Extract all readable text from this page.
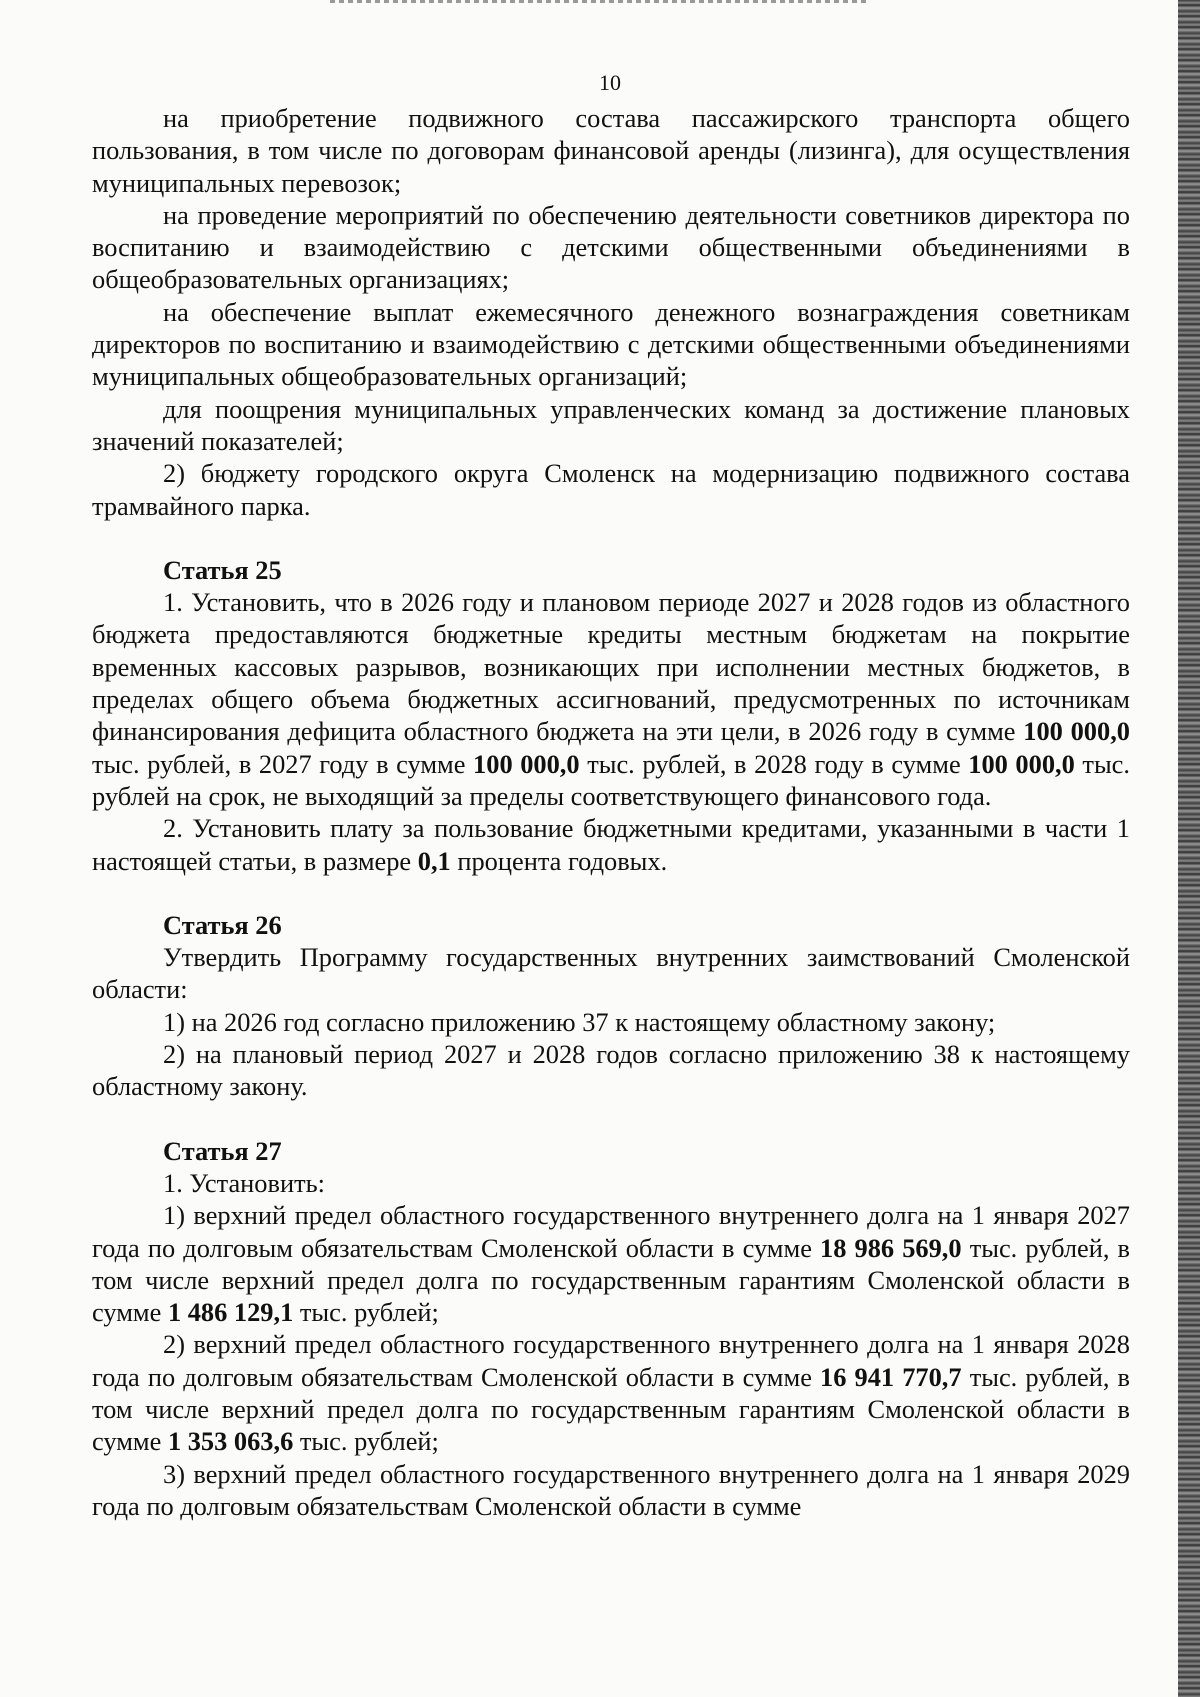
10

на приобретение подвижного состава пассажирского транспорта общего пользования, в том числе по договорам финансовой аренды (лизинга), для осуществления муниципальных перевозок;

на проведение мероприятий по обеспечению деятельности советников директора по воспитанию и взаимодействию с детскими общественными объединениями в общеобразовательных организациях;

на обеспечение выплат ежемесячного денежного вознаграждения советникам директоров по воспитанию и взаимодействию с детскими общественными объединениями муниципальных общеобразовательных организаций;

для поощрения муниципальных управленческих команд за достижение плановых значений показателей;

2) бюджету городского округа Смоленск на модернизацию подвижного состава трамвайного парка.

Статья 25

1. Установить, что в 2026 году и плановом периоде 2027 и 2028 годов из областного бюджета предоставляются бюджетные кредиты местным бюджетам на покрытие временных кассовых разрывов, возникающих при исполнении местных бюджетов, в пределах общего объема бюджетных ассигнований, предусмотренных по источникам финансирования дефицита областного бюджета на эти цели, в 2026 году в сумме 100 000,0 тыс. рублей, в 2027 году в сумме 100 000,0 тыс. рублей, в 2028 году в сумме 100 000,0 тыс. рублей на срок, не выходящий за пределы соответствующего финансового года.

2. Установить плату за пользование бюджетными кредитами, указанными в части 1 настоящей статьи, в размере 0,1 процента годовых.

Статья 26

Утвердить Программу государственных внутренних заимствований Смоленской области:

1) на 2026 год согласно приложению 37 к настоящему областному закону;

2) на плановый период 2027 и 2028 годов согласно приложению 38 к настоящему областному закону.

Статья 27

1. Установить:

1) верхний предел областного государственного внутреннего долга на 1 января 2027 года по долговым обязательствам Смоленской области в сумме 18 986 569,0 тыс. рублей, в том числе верхний предел долга по государственным гарантиям Смоленской области в сумме 1 486 129,1 тыс. рублей;

2) верхний предел областного государственного внутреннего долга на 1 января 2028 года по долговым обязательствам Смоленской области в сумме 16 941 770,7 тыс. рублей, в том числе верхний предел долга по государственным гарантиям Смоленской области в сумме 1 353 063,6 тыс. рублей;

3) верхний предел областного государственного внутреннего долга на 1 января 2029 года по долговым обязательствам Смоленской области в сумме
